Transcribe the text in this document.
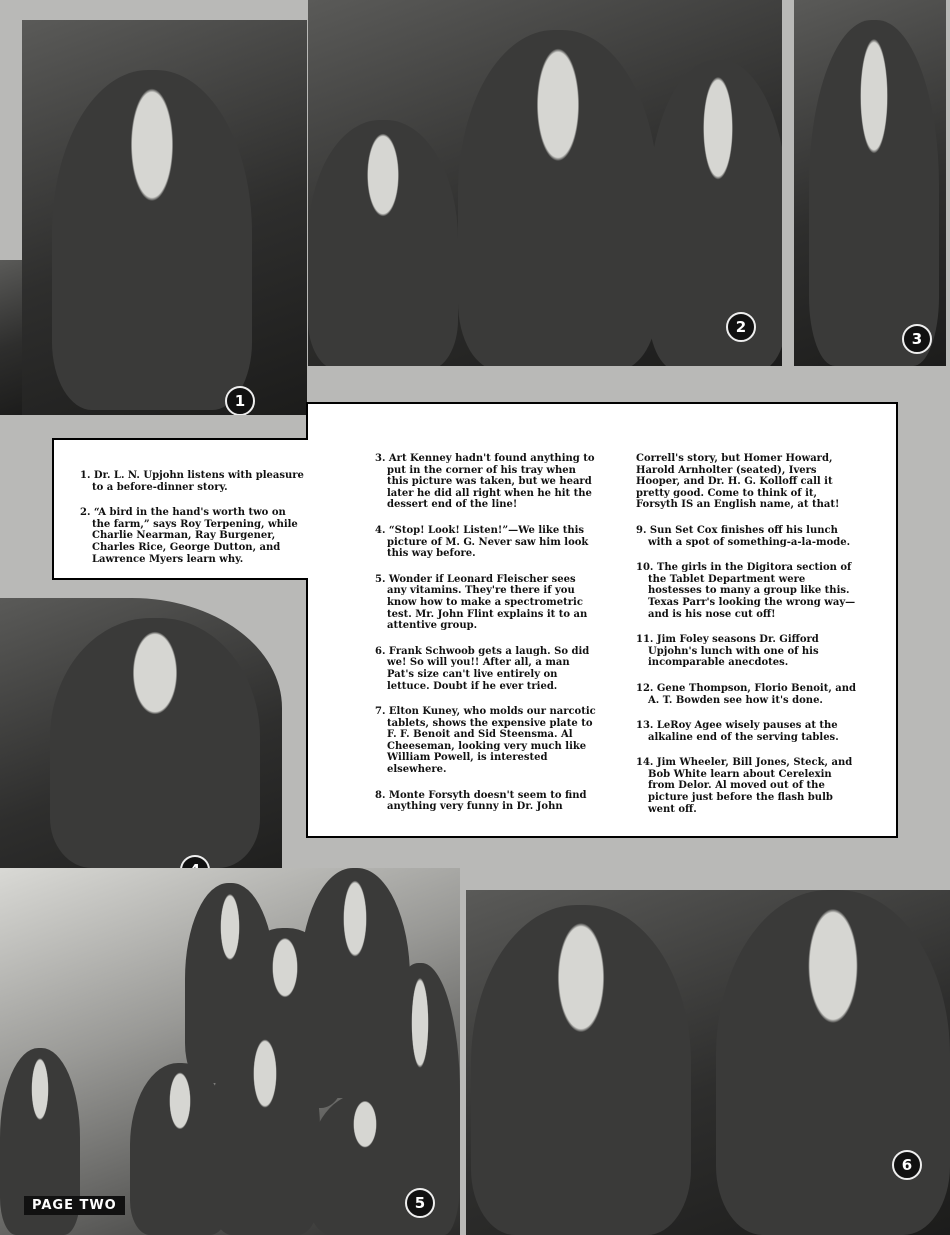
1
2
3

1. Dr. L. N. Upjohn listens with pleasure to a before-dinner story.

2. “A bird in the hand's worth two on the farm,” says Roy Terpening, while Charlie Nearman, Ray Burgener, Charles Rice, George Dutton, and Lawrence Myers learn why.

3. Art Kenney hadn't found anything to put in the corner of his tray when this picture was taken, but we heard later he did all right when he hit the dessert end of the line!

4. “Stop! Look! Listen!”—We like this picture of M. G. Never saw him look this way before.

5. Wonder if Leonard Fleischer sees any vitamins. They're there if you know how to make a spectrometric test. Mr. John Flint explains it to an attentive group.

6. Frank Schwoob gets a laugh. So did we! So will you!! After all, a man Pat's size can't live entirely on lettuce. Doubt if he ever tried.

7. Elton Kuney, who molds our narcotic tablets, shows the expensive plate to F. F. Benoit and Sid Steensma. Al Cheeseman, looking very much like William Powell, is interested elsewhere.

8. Monte Forsyth doesn't seem to find anything very funny in Dr. John

Correll's story, but Homer Howard, Harold Arnholter (seated), Ivers Hooper, and Dr. H. G. Kolloff call it pretty good. Come to think of it, Forsyth IS an English name, at that!

9. Sun Set Cox finishes off his lunch with a spot of something-a-la-mode.

10. The girls in the Digitora section of the Tablet Department were hostesses to many a group like this. Texas Parr's looking the wrong way—and is his nose cut off!

11. Jim Foley seasons Dr. Gifford Upjohn's lunch with one of his incomparable anecdotes.

12. Gene Thompson, Florio Benoit, and A. T. Bowden see how it's done.

13. LeRoy Agee wisely pauses at the alkaline end of the serving tables.

14. Jim Wheeler, Bill Jones, Steck, and Bob White learn about Cerelexin from Delor. Al moved out of the picture just before the flash bulb went off.

5
6
PAGE TWO
